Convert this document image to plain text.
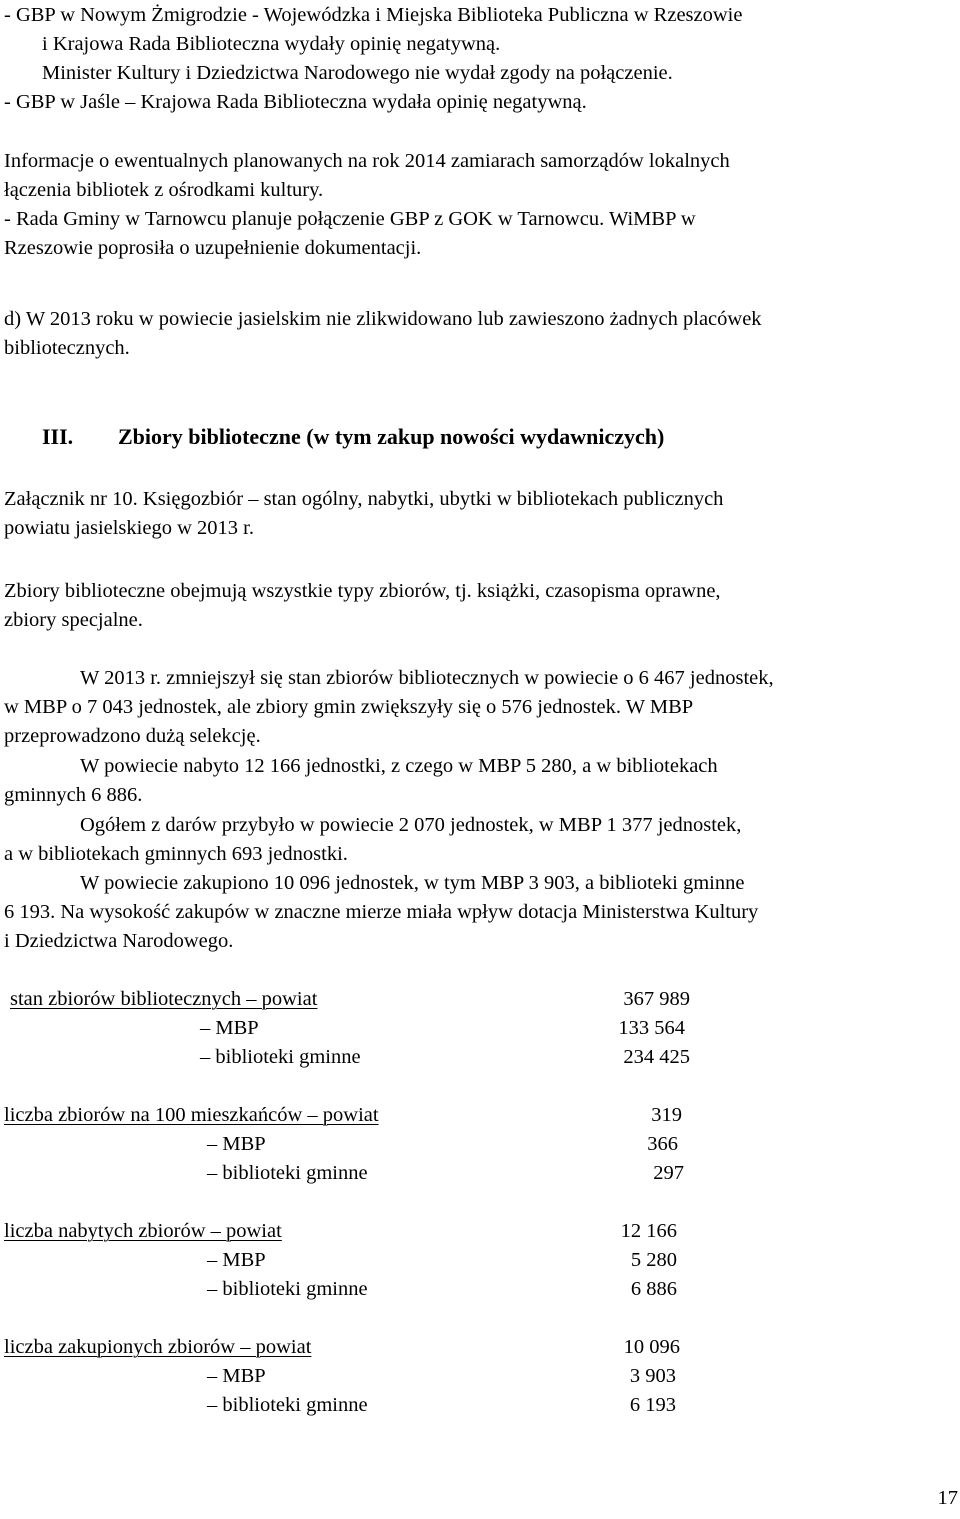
- GBP w Nowym Żmigrodzie - Wojewódzka i Miejska Biblioteka Publiczna w Rzeszowie
i Krajowa Rada Biblioteczna wydały opinię negatywną.
Minister Kultury i Dziedzictwa Narodowego nie wydał zgody na połączenie.
- GBP w Jaśle – Krajowa Rada Biblioteczna wydała opinię negatywną.
Informacje o ewentualnych planowanych na rok 2014 zamiarach samorządów lokalnych
łączenia bibliotek z ośrodkami kultury.
- Rada Gminy w Tarnowcu planuje połączenie GBP z GOK w Tarnowcu. WiMBP w
Rzeszowie poprosiła o uzupełnienie dokumentacji.
d) W 2013 roku w powiecie jasielskim nie zlikwidowano lub zawieszono żadnych placówek
bibliotecznych.
III. Zbiory biblioteczne (w tym zakup nowości wydawniczych)
Załącznik nr 10. Księgozbiór – stan ogólny, nabytki, ubytki w bibliotekach publicznych
powiatu jasielskiego w 2013 r.
Zbiory biblioteczne obejmują wszystkie typy zbiorów, tj. książki, czasopisma oprawne,
zbiory specjalne.
W 2013 r. zmniejszył się stan zbiorów bibliotecznych w powiecie o 6 467 jednostek,
w MBP o 7 043 jednostek, ale zbiory gmin zwiększyły się o 576 jednostek. W MBP
przeprowadzono dużą selekcję.
W powiecie nabyto 12 166 jednostki, z czego w MBP 5 280, a w bibliotekach
gminnych 6 886.
Ogółem z darów przybyło w powiecie 2 070 jednostek, w MBP 1 377 jednostek,
a w bibliotekach gminnych 693 jednostki.
W powiecie zakupiono 10 096 jednostek, w tym MBP 3 903, a biblioteki gminne
6 193. Na wysokość zakupów w znaczne mierze miała wpływ dotacja Ministerstwa Kultury
i Dziedzictwa Narodowego.
stan zbiorów bibliotecznych – powiat	367 989
– MBP	133 564
– biblioteki gminne	234 425
liczba zbiorów na 100 mieszkańców – powiat	319
– MBP	366
– biblioteki gminne	297
liczba nabytych zbiorów – powiat	12 166
– MBP	5 280
– biblioteki gminne	6 886
liczba zakupionych zbiorów – powiat	10 096
– MBP	3 903
– biblioteki gminne	6 193
17
